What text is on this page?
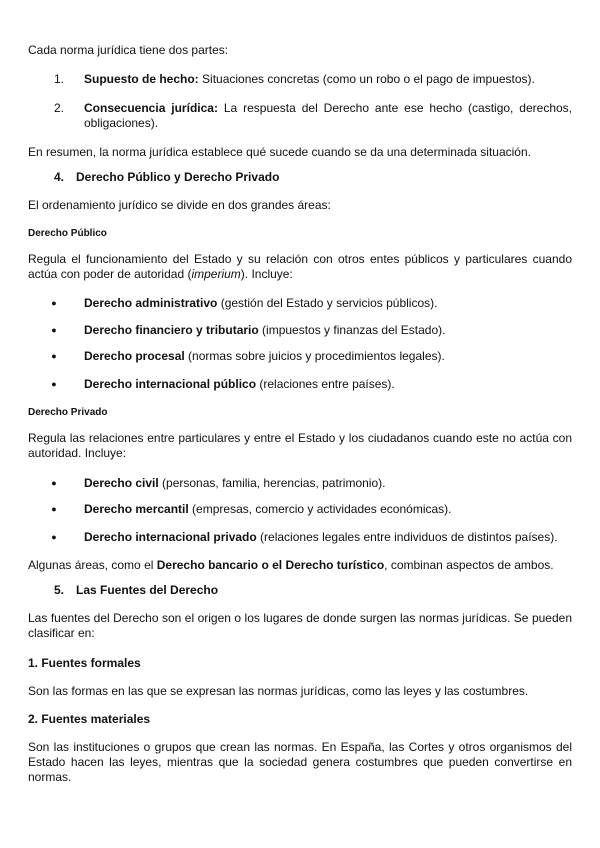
Cada norma jurídica tiene dos partes:

1. Supuesto de hecho: Situaciones concretas (como un robo o el pago de impuestos).
2. Consecuencia jurídica: La respuesta del Derecho ante ese hecho (castigo, derechos, obligaciones).

En resumen, la norma jurídica establece qué sucede cuando se da una determinada situación.

4. Derecho Público y Derecho Privado

El ordenamiento jurídico se divide en dos grandes áreas:

Derecho Público

Regula el funcionamiento del Estado y su relación con otros entes públicos y particulares cuando actúa con poder de autoridad (imperium). Incluye:

● Derecho administrativo (gestión del Estado y servicios públicos).
● Derecho financiero y tributario (impuestos y finanzas del Estado).
● Derecho procesal (normas sobre juicios y procedimientos legales).
● Derecho internacional público (relaciones entre países).

Derecho Privado

Regula las relaciones entre particulares y entre el Estado y los ciudadanos cuando este no actúa con autoridad. Incluye:

● Derecho civil (personas, familia, herencias, patrimonio).
● Derecho mercantil (empresas, comercio y actividades económicas).
● Derecho internacional privado (relaciones legales entre individuos de distintos países).

Algunas áreas, como el Derecho bancario o el Derecho turístico, combinan aspectos de ambos.

5. Las Fuentes del Derecho

Las fuentes del Derecho son el origen o los lugares de donde surgen las normas jurídicas. Se pueden clasificar en:

1. Fuentes formales

Son las formas en las que se expresan las normas jurídicas, como las leyes y las costumbres.

2. Fuentes materiales

Son las instituciones o grupos que crean las normas. En España, las Cortes y otros organismos del Estado hacen las leyes, mientras que la sociedad genera costumbres que pueden convertirse en normas.
